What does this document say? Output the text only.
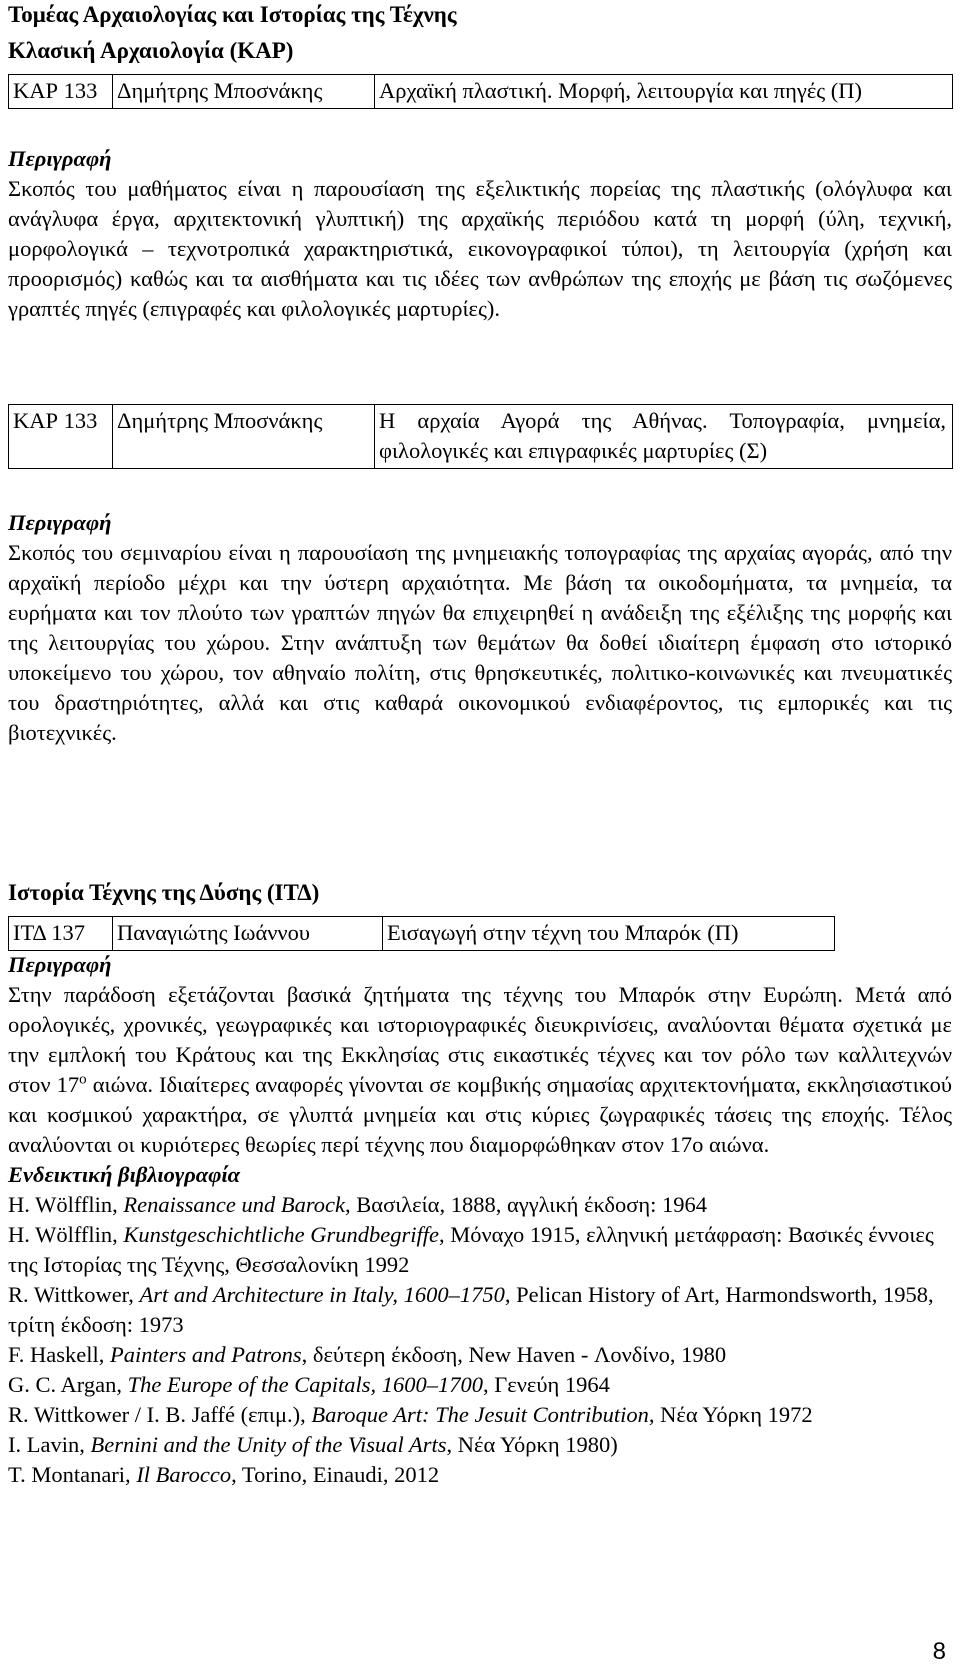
Τομέας Αρχαιολογίας και Ιστορίας της Τέχνης
Κλασική Αρχαιολογία (ΚΑΡ)
ΚΑΡ 133	Δημήτρης Μποσνάκης	Αρχαϊκή πλαστική. Μορφή, λειτουργία και πηγές (Π)
Περιγραφή
Σκοπός του μαθήματος είναι η παρουσίαση της εξελικτικής πορείας της πλαστικής (ολόγλυφα και ανάγλυφα έργα, αρχιτεκτονική γλυπτική) της αρχαϊκής περιόδου κατά τη μορφή (ύλη, τεχνική, μορφολογικά – τεχνοτροπικά χαρακτηριστικά, εικονογραφικοί τύποι), τη λειτουργία (χρήση και προορισμός) καθώς και τα αισθήματα και τις ιδέες των ανθρώπων της εποχής με βάση τις σωζόμενες γραπτές πηγές (επιγραφές και φιλολογικές μαρτυρίες).
ΚΑΡ 133	Δημήτρης Μποσνάκης	Η αρχαία Αγορά της Αθήνας. Τοπογραφία, μνημεία, φιλολογικές και επιγραφικές μαρτυρίες (Σ)
Περιγραφή
Σκοπός του σεμιναρίου είναι η παρουσίαση της μνημειακής τοπογραφίας της αρχαίας αγοράς, από την αρχαϊκή περίοδο μέχρι και την ύστερη αρχαιότητα. Με βάση τα οικοδομήματα, τα μνημεία, τα ευρήματα και τον πλούτο των γραπτών πηγών θα επιχειρηθεί η ανάδειξη της εξέλιξης της μορφής και της λειτουργίας του χώρου. Στην ανάπτυξη των θεμάτων θα δοθεί ιδιαίτερη έμφαση στο ιστορικό υποκείμενο του χώρου, τον αθηναίο πολίτη, στις θρησκευτικές, πολιτικο-κοινωνικές και πνευματικές του δραστηριότητες, αλλά και στις καθαρά οικονομικού ενδιαφέροντος, τις εμπορικές και τις βιοτεχνικές.
Ιστορία Τέχνης της Δύσης (ΙΤΔ)
ΙΤΔ 137	Παναγιώτης Ιωάννου	Εισαγωγή στην τέχνη του Μπαρόκ (Π)
Περιγραφή
Στην παράδοση εξετάζονται βασικά ζητήματα της τέχνης του Μπαρόκ στην Ευρώπη. Μετά από ορολογικές, χρονικές, γεωγραφικές και ιστοριογραφικές διευκρινίσεις, αναλύονται θέματα σχετικά με την εμπλοκή του Κράτους και της Εκκλησίας στις εικαστικές τέχνες και τον ρόλο των καλλιτεχνών στον $17^o$ αιώνα. Ιδιαίτερες αναφορές γίνονται σε κομβικής σημασίας αρχιτεκτονήματα, εκκλησιαστικού και κοσμικού χαρακτήρα, σε γλυπτά μνημεία και στις κύριες ζωγραφικές τάσεις της εποχής. Τέλος αναλύονται οι κυριότερες θεωρίες περί τέχνης που διαμορφώθηκαν στον 17ο αιώνα.
Ενδεικτική βιβλιογραφία
H. Wölfflin, Renaissance und Barock, Βασιλεία, 1888, αγγλική έκδοση: 1964
H. Wölfflin, Kunstgeschichtliche Grundbegriffe, Μόναχο 1915, ελληνική μετάφραση: Βασικές έννοιες της Ιστορίας της Τέχνης, Θεσσαλονίκη 1992
R. Wittkower, Art and Architecture in Italy, 1600–1750, Pelican History of Art, Harmondsworth, 1958, τρίτη έκδοση: 1973
F. Haskell, Painters and Patrons, δεύτερη έκδοση, New Haven - Λονδίνο, 1980
G. C. Argan, The Europe of the Capitals, 1600–1700, Γενεύη 1964
R. Wittkower / I. B. Jaffé (επιμ.), Baroque Art: The Jesuit Contribution, Νέα Υόρκη 1972
I. Lavin, Bernini and the Unity of the Visual Arts, Νέα Υόρκη 1980)
T. Montanari, Il Barocco, Torino, Einaudi, 2012
8
